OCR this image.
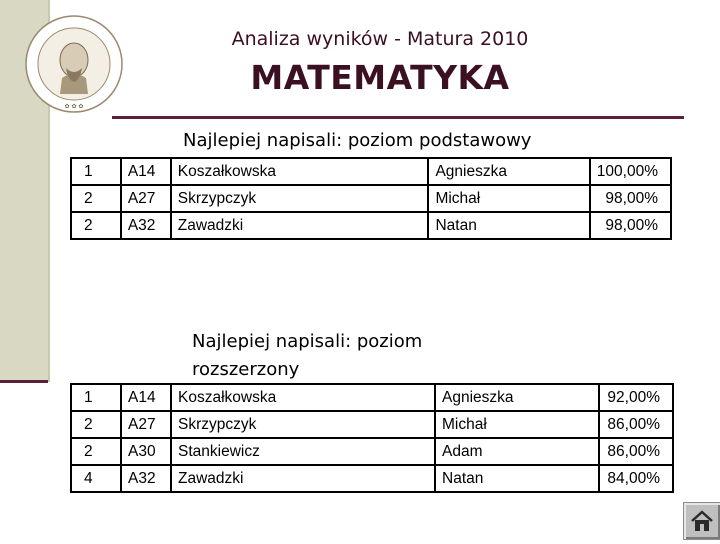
✿ ✿ ✿
Analiza wyników - Matura 2010
MATEMATYKA
Najlepiej napisali: poziom podstawowy
1	A14	Koszałkowska	Agnieszka	100,00%
2	A27	Skrzypczyk	Michał	98,00%
2	A32	Zawadzki	Natan	98,00%
Najlepiej napisali: poziom
rozszerzony
1	A14	Koszałkowska	Agnieszka	92,00%
2	A27	Skrzypczyk	Michał	86,00%
2	A30	Stankiewicz	Adam	86,00%
4	A32	Zawadzki	Natan	84,00%
